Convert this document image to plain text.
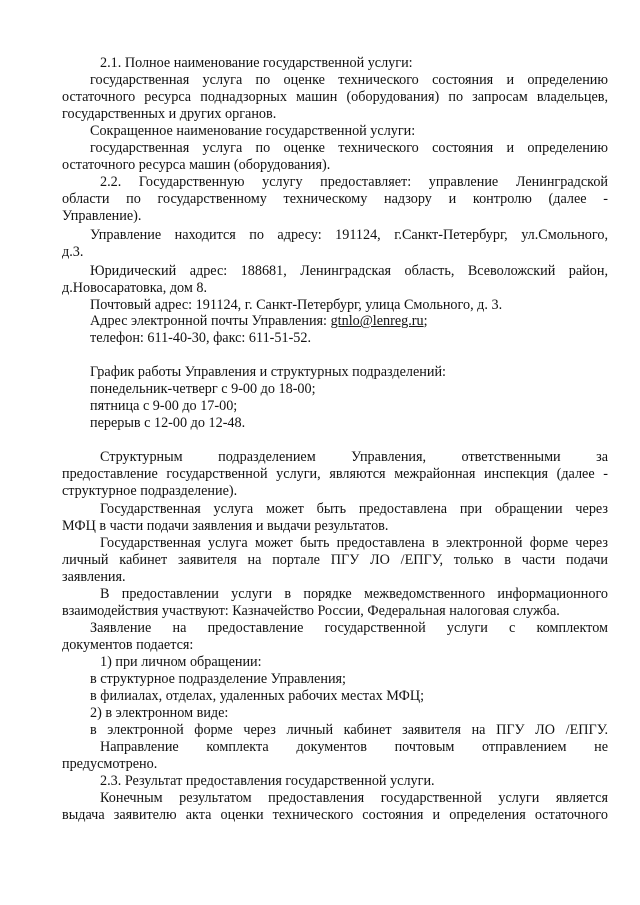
2.1. Полное наименование государственной услуги:
государственная услуга по оценке технического состояния и определению
остаточного ресурса поднадзорных машин (оборудования) по запросам владельцев,
государственных и других органов.
Сокращенное наименование государственной услуги:
государственная услуга по оценке технического состояния и определению
остаточного ресурса машин (оборудования).
2.2. Государственную услугу предоставляет: управление Ленинградской
области по государственному техническому надзору и контролю (далее -
Управление).
Управление находится по адресу: 191124, г.Санкт-Петербург, ул.Смольного,
д.3.
Юридический адрес: 188681, Ленинградская область, Всеволожский район,
д.Новосаратовка, дом 8.
Почтовый адрес: 191124, г. Санкт-Петербург, улица Смольного, д. 3.
Адрес электронной почты Управления: gtnlo@lenreg.ru;
телефон: 611-40-30, факс: 611-51-52.
График работы Управления и структурных подразделений:
понедельник-четверг с 9-00 до 18-00;
пятница с 9-00 до 17-00;
перерыв с 12-00 до 12-48.
Структурным подразделением Управления, ответственными за
предоставление государственной услуги, являются межрайонная инспекция (далее -
структурное подразделение).
Государственная услуга может быть предоставлена при обращении через
МФЦ в части подачи заявления и выдачи результатов.
Государственная услуга может быть предоставлена в электронной форме через
личный кабинет заявителя на портале ПГУ ЛО /ЕПГУ, только в части подачи
заявления.
В предоставлении услуги в порядке межведомственного информационного
взаимодействия участвуют: Казначейство России, Федеральная налоговая служба.
Заявление на предоставление государственной услуги с комплектом
документов подается:
1) при личном обращении:
в структурное подразделение Управления;
в филиалах, отделах, удаленных рабочих местах МФЦ;
2) в электронном виде:
в электронной форме через личный кабинет заявителя на ПГУ ЛО /ЕПГУ.
Направление комплекта документов почтовым отправлением не
предусмотрено.
2.3. Результат предоставления государственной услуги.
Конечным результатом предоставления государственной услуги является
выдача заявителю акта оценки технического состояния и определения остаточного
